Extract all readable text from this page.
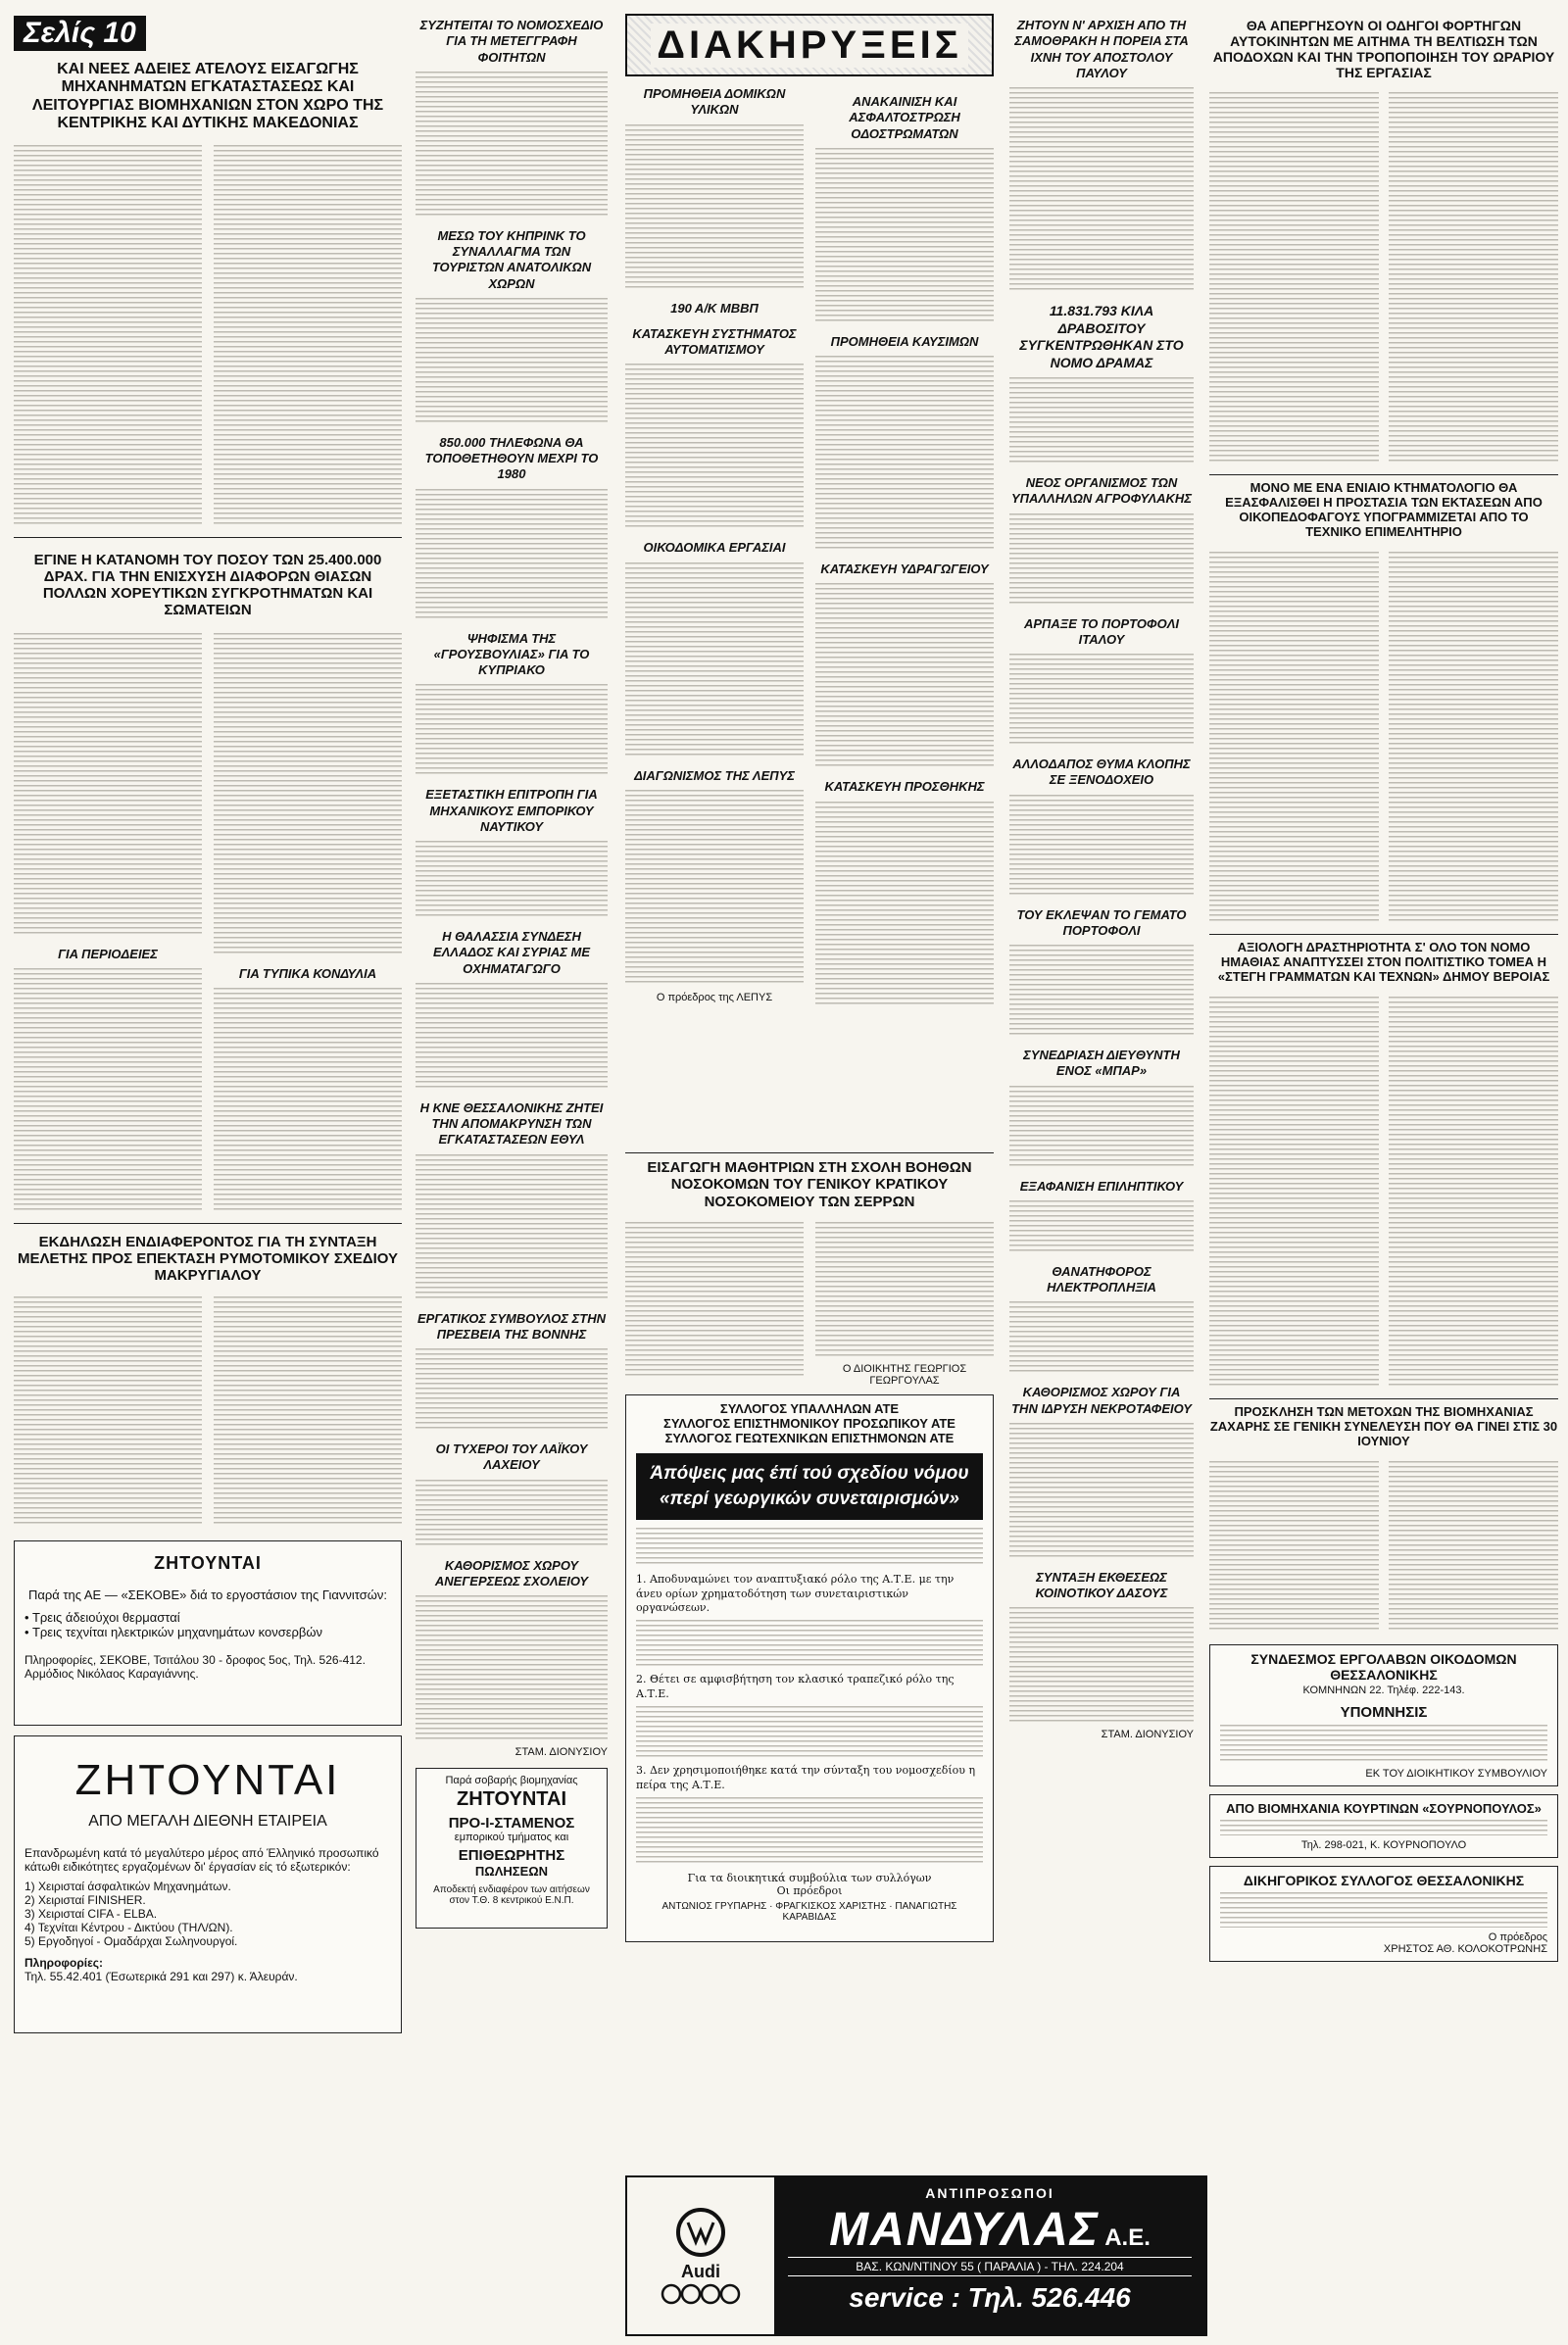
Σελίς 10
ΚΑΙ ΝΕΕΣ ΑΔΕΙΕΣ ΑΤΕΛΟΥΣ ΕΙΣΑΓΩΓΗΣ ΜΗΧΑΝΗΜΑΤΩΝ ΕΓΚΑΤΑΣΤΑΣΕΩΣ ΚΑΙ ΛΕΙΤΟΥΡΓΙΑΣ ΒΙΟΜΗΧΑΝΙΩΝ ΣΤΟΝ ΧΩΡΟ ΤΗΣ ΚΕΝΤΡΙΚΗΣ ΚΑΙ ΔΥΤΙΚΗΣ ΜΑΚΕΔΟΝΙΑΣ
ΕΓΙΝΕ Η ΚΑΤΑΝΟΜΗ ΤΟΥ ΠΟΣΟΥ ΤΩΝ 25.400.000 ΔΡΑΧ. ΓΙΑ ΤΗΝ ΕΝΙΣΧΥΣΗ ΔΙΑΦΟΡΩΝ ΘΙΑΣΩΝ ΠΟΛΛΩΝ ΧΟΡΕΥΤΙΚΩΝ ΣΥΓΚΡΟΤΗΜΑΤΩΝ ΚΑΙ ΣΩΜΑΤΕΙΩΝ
ΓΙΑ ΠΕΡΙΟΔΕΙΕΣ
ΓΙΑ ΤΥΠΙΚΑ ΚΟΝΔΥΛΙΑ
ΕΚΔΗΛΩΣΗ ΕΝΔΙΑΦΕΡΟΝΤΟΣ ΓΙΑ ΤΗ ΣΥΝΤΑΞΗ ΜΕΛΕΤΗΣ ΠΡΟΣ ΕΠΕΚΤΑΣΗ ΡΥΜΟΤΟΜΙΚΟΥ ΣΧΕΔΙΟΥ ΜΑΚΡΥΓΙΑΛΟΥ
ΖΗΤΟΥΝΤΑΙ
Παρά της ΑΕ — «ΣΕΚΟΒΕ» διά το εργοστάσιον της Γιαννιτσών:
• Τρεις άδειούχοι θερμασταί
• Τρεις τεχνίται ηλεκτρικών μηχανημάτων κονσερβών
Πληροφορίες, ΣΕΚΟΒΕ, Τσιτάλου 30 - δροφος 5ος, Τηλ. 526-412. Αρμόδιος Νικόλαος Καραγιάννης.
ΖΗΤΟΥΝΤΑΙ
ΑΠΟ ΜΕΓΑΛΗ ΔΙΕΘΝΗ ΕΤΑΙΡΕΙΑ
Επανδρωμένη κατά τό μεγαλύτερο μέρος από Έλληνικό προσωπικό κάτωθι ειδικότητες εργαζομένων δι' έργασίαν είς τό εξωτερικόν:
1) Χειρισταί άσφαλτικών Μηχανημάτων.
2) Χειρισταί FINISHER.
3) Χειρισταί CIFA - ELBA.
4) Τεχνίται Κέντρου - Δικτύου (ΤΗΛ/ΩΝ).
5) Εργοδηγοί - Ομαδάρχαι Σωληνουργοί.
Πληροφορίες:
Τηλ. 55.42.401 (Έσωτερικά 291 και 297) κ. Άλευράν.
ΣΥΖΗΤΕΙΤΑΙ ΤΟ ΝΟΜΟΣΧΕΔΙΟ ΓΙΑ ΤΗ ΜΕΤΕΓΓΡΑΦΗ ΦΟΙΤΗΤΩΝ
ΜΕΣΩ ΤΟΥ ΚΗΠΡΙΝΚ ΤΟ ΣΥΝΑΛΛΑΓΜΑ ΤΩΝ ΤΟΥΡΙΣΤΩΝ ΑΝΑΤΟΛΙΚΩΝ ΧΩΡΩΝ
850.000 ΤΗΛΕΦΩΝΑ ΘΑ ΤΟΠΟΘΕΤΗΘΟΥΝ ΜΕΧΡΙ ΤΟ 1980
ΨΗΦΙΣΜΑ ΤΗΣ «ΓΡΟΥΣΒΟΥΛΙΑΣ» ΓΙΑ ΤΟ ΚΥΠΡΙΑΚΟ
ΕΞΕΤΑΣΤΙΚΗ ΕΠΙΤΡΟΠΗ ΓΙΑ ΜΗΧΑΝΙΚΟΥΣ ΕΜΠΟΡΙΚΟΥ ΝΑΥΤΙΚΟΥ
Η ΘΑΛΑΣΣΙΑ ΣΥΝΔΕΣΗ ΕΛΛΑΔΟΣ ΚΑΙ ΣΥΡΙΑΣ ΜΕ ΟΧΗΜΑΤΑΓΩΓΟ
Η ΚΝΕ ΘΕΣΣΑΛΟΝΙΚΗΣ ΖΗΤΕΙ ΤΗΝ ΑΠΟΜΑΚΡΥΝΣΗ ΤΩΝ ΕΓΚΑΤΑΣΤΑΣΕΩΝ ΕΘΥΛ
ΕΡΓΑΤΙΚΟΣ ΣΥΜΒΟΥΛΟΣ ΣΤΗΝ ΠΡΕΣΒΕΙΑ ΤΗΣ ΒΟΝΝΗΣ
ΟΙ ΤΥΧΕΡΟΙ ΤΟΥ ΛΑΪΚΟΥ ΛΑΧΕΙΟΥ
ΚΑΘΟΡΙΣΜΟΣ ΧΩΡΟΥ ΑΝΕΓΕΡΣΕΩΣ ΣΧΟΛΕΙΟΥ
ΣΤΑΜ. ΔΙΟΝΥΣΙΟΥ
Παρά σοβαρής βιομηχανίας
ΖΗΤΟΥΝΤΑΙ
ΠΡΟ-Ι-ΣΤΑΜΕΝΟΣ
εμπορικού τμήματος και
ΕΠΙΘΕΩΡΗΤΗΣ
ΠΩΛΗΣΕΩΝ
Αποδεκτή ενδιαφέρον των αιτήσεων στον Τ.Θ. 8 κεντρικού Ε.Ν.Π.
ΔΙΑΚΗΡΥΞΕΙΣ
ΠΡΟΜΗΘΕΙΑ ΔΟΜΙΚΩΝ ΥΛΙΚΩΝ
190 Α/Κ ΜΒΒΠ
ΚΑΤΑΣΚΕΥΗ ΣΥΣΤΗΜΑΤΟΣ ΑΥΤΟΜΑΤΙΣΜΟΥ
ΟΙΚΟΔΟΜΙΚΑ ΕΡΓΑΣΙΑΙ
ΔΙΑΓΩΝΙΣΜΟΣ ΤΗΣ ΛΕΠΥΣ
Ο πρόεδρος της ΛΕΠΥΣ
ΑΝΑΚΑΙΝΙΣΗ ΚΑΙ ΑΣΦΑΛΤΟΣΤΡΩΣΗ ΟΔΟΣΤΡΩΜΑΤΩΝ
ΠΡΟΜΗΘΕΙΑ ΚΑΥΣΙΜΩΝ
ΚΑΤΑΣΚΕΥΗ ΥΔΡΑΓΩΓΕΙΟΥ
ΚΑΤΑΣΚΕΥΗ ΠΡΟΣΘΗΚΗΣ
ΕΙΣΑΓΩΓΗ ΜΑΘΗΤΡΙΩΝ ΣΤΗ ΣΧΟΛΗ ΒΟΗΘΩΝ ΝΟΣΟΚΟΜΩΝ ΤΟΥ ΓΕΝΙΚΟΥ ΚΡΑΤΙΚΟΥ ΝΟΣΟΚΟΜΕΙΟΥ ΤΩΝ ΣΕΡΡΩΝ
Ο ΔΙΟΙΚΗΤΗΣ ΓΕΩΡΓΙΟΣ ΓΕΩΡΓΟΥΛΑΣ
ΣΥΛΛΟΓΟΣ ΥΠΑΛΛΗΛΩΝ ΑΤΕ
ΣΥΛΛΟΓΟΣ ΕΠΙΣΤΗΜΟΝΙΚΟΥ ΠΡΟΣΩΠΙΚΟΥ ΑΤΕ
ΣΥΛΛΟΓΟΣ ΓΕΩΤΕΧΝΙΚΩΝ ΕΠΙΣΤΗΜΟΝΩΝ ΑΤΕ
Άπόψεις μας έπί τού σχεδίου νόμου
«περί γεωργικών συνεταιρισμών»
1. Αποδυναμώνει τον αναπτυξιακό ρόλο της Α.Τ.Ε. με την άνευ ορίων χρηματοδότηση των συνεταιριστικών οργανώσεων.
2. Θέτει σε αμφισβήτηση τον κλασικό τραπεζικό ρόλο της Α.Τ.Ε.
3. Δεν χρησιμοποιήθηκε κατά την σύνταξη του νομοσχεδίου η πείρα της Α.Τ.Ε.
Για τα διοικητικά συμβούλια των συλλόγων
Οι πρόεδροι
ΑΝΤΩΝΙΟΣ ΓΡΥΠΑΡΗΣ · ΦΡΑΓΚΙΣΚΟΣ ΧΑΡΙΣΤΗΣ · ΠΑΝΑΓΙΩΤΗΣ ΚΑΡΑΒΙΔΑΣ
ΖΗΤΟΥΝ Ν' ΑΡΧΙΣΗ ΑΠΟ ΤΗ ΣΑΜΟΘΡΑΚΗ Η ΠΟΡΕΙΑ ΣΤΑ ΙΧΝΗ ΤΟΥ ΑΠΟΣΤΟΛΟΥ ΠΑΥΛΟΥ
11.831.793 ΚΙΛΑ ΔΡΑΒΟΣΙΤΟΥ ΣΥΓΚΕΝΤΡΩΘΗΚΑΝ ΣΤΟ ΝΟΜΟ ΔΡΑΜΑΣ
ΝΕΟΣ ΟΡΓΑΝΙΣΜΟΣ ΤΩΝ ΥΠΑΛΛΗΛΩΝ ΑΓΡΟΦΥΛΑΚΗΣ
ΑΡΠΑΞΕ ΤΟ ΠΟΡΤΟΦΟΛΙ ΙΤΑΛΟΥ
ΑΛΛΟΔΑΠΟΣ ΘΥΜΑ ΚΛΟΠΗΣ ΣΕ ΞΕΝΟΔΟΧΕΙΟ
ΤΟΥ ΕΚΛΕΨΑΝ ΤΟ ΓΕΜΑΤΟ ΠΟΡΤΟΦΟΛΙ
ΣΥΝΕΔΡΙΑΣΗ ΔΙΕΥΘΥΝΤΗ ΕΝΟΣ «ΜΠΑΡ»
ΕΞΑΦΑΝΙΣΗ ΕΠΙΛΗΠΤΙΚΟΥ
ΘΑΝΑΤΗΦΟΡΟΣ ΗΛΕΚΤΡΟΠΛΗΞΙΑ
ΚΑΘΟΡΙΣΜΟΣ ΧΩΡΟΥ ΓΙΑ ΤΗΝ ΙΔΡΥΣΗ ΝΕΚΡΟΤΑΦΕΙΟΥ
ΣΥΝΤΑΞΗ ΕΚΘΕΣΕΩΣ ΚΟΙΝΟΤΙΚΟΥ ΔΑΣΟΥΣ
ΣΤΑΜ. ΔΙΟΝΥΣΙΟΥ
Audi
ΑΝΤΙΠΡΟΣΩΠΟΙ
ΜΑΝΔΥΛΑΣ Α.Ε.
ΒΑΣ. ΚΩΝ/ΝΤΙΝΟΥ 55 ( ΠΑΡΑΛΙΑ ) - ΤΗΛ. 224.204
service : Τηλ. 526.446
ΘΑ ΑΠΕΡΓΗΣΟΥΝ ΟΙ ΟΔΗΓΟΙ ΦΟΡΤΗΓΩΝ ΑΥΤΟΚΙΝΗΤΩΝ ΜΕ ΑΙΤΗΜΑ ΤΗ ΒΕΛΤΙΩΣΗ ΤΩΝ ΑΠΟΔΟΧΩΝ ΚΑΙ ΤΗΝ ΤΡΟΠΟΠΟΙΗΣΗ ΤΟΥ ΩΡΑΡΙΟΥ ΤΗΣ ΕΡΓΑΣΙΑΣ
ΜΟΝΟ ΜΕ ΕΝΑ ΕΝΙΑΙΟ ΚΤΗΜΑΤΟΛΟΓΙΟ ΘΑ ΕΞΑΣΦΑΛΙΣΘΕΙ Η ΠΡΟΣΤΑΣΙΑ ΤΩΝ ΕΚΤΑΣΕΩΝ ΑΠΟ ΟΙΚΟΠΕΔΟΦΑΓΟΥΣ ΥΠΟΓΡΑΜΜΙΖΕΤΑΙ ΑΠΟ ΤΟ ΤΕΧΝΙΚΟ ΕΠΙΜΕΛΗΤΗΡΙΟ
ΑΞΙΟΛΟΓΗ ΔΡΑΣΤΗΡΙΟΤΗΤΑ Σ' ΟΛΟ ΤΟΝ ΝΟΜΟ ΗΜΑΘΙΑΣ ΑΝΑΠΤΥΣΣΕΙ ΣΤΟΝ ΠΟΛΙΤΙΣΤΙΚΟ ΤΟΜΕΑ Η «ΣΤΕΓΗ ΓΡΑΜΜΑΤΩΝ ΚΑΙ ΤΕΧΝΩΝ» ΔΗΜΟΥ ΒΕΡΟΙΑΣ
ΠΡΟΣΚΛΗΣΗ ΤΩΝ ΜΕΤΟΧΩΝ ΤΗΣ ΒΙΟΜΗΧΑΝΙΑΣ ΖΑΧΑΡΗΣ ΣΕ ΓΕΝΙΚΗ ΣΥΝΕΛΕΥΣΗ ΠΟΥ ΘΑ ΓΙΝΕΙ ΣΤΙΣ 30 ΙΟΥΝΙΟΥ
ΣΥΝΔΕΣΜΟΣ ΕΡΓΟΛΑΒΩΝ ΟΙΚΟΔΟΜΩΝ ΘΕΣΣΑΛΟΝΙΚΗΣ
ΚΟΜΝΗΝΩΝ 22. Τηλέφ. 222-143.
ΥΠΟΜΝΗΣΙΣ
ΕΚ ΤΟΥ ΔΙΟΙΚΗΤΙΚΟΥ ΣΥΜΒΟΥΛΙΟΥ
ΑΠΟ ΒΙΟΜΗΧΑΝΙΑ ΚΟΥΡΤΙΝΩΝ «ΣΟΥΡΝΟΠΟΥΛΟΣ»
Τηλ. 298-021, Κ. ΚΟΥΡΝΟΠΟΥΛΟ
ΔΙΚΗΓΟΡΙΚΟΣ ΣΥΛΛΟΓΟΣ ΘΕΣΣΑΛΟΝΙΚΗΣ
Ο πρόεδρος
ΧΡΗΣΤΟΣ ΑΘ. ΚΟΛΟΚΟΤΡΩΝΗΣ
